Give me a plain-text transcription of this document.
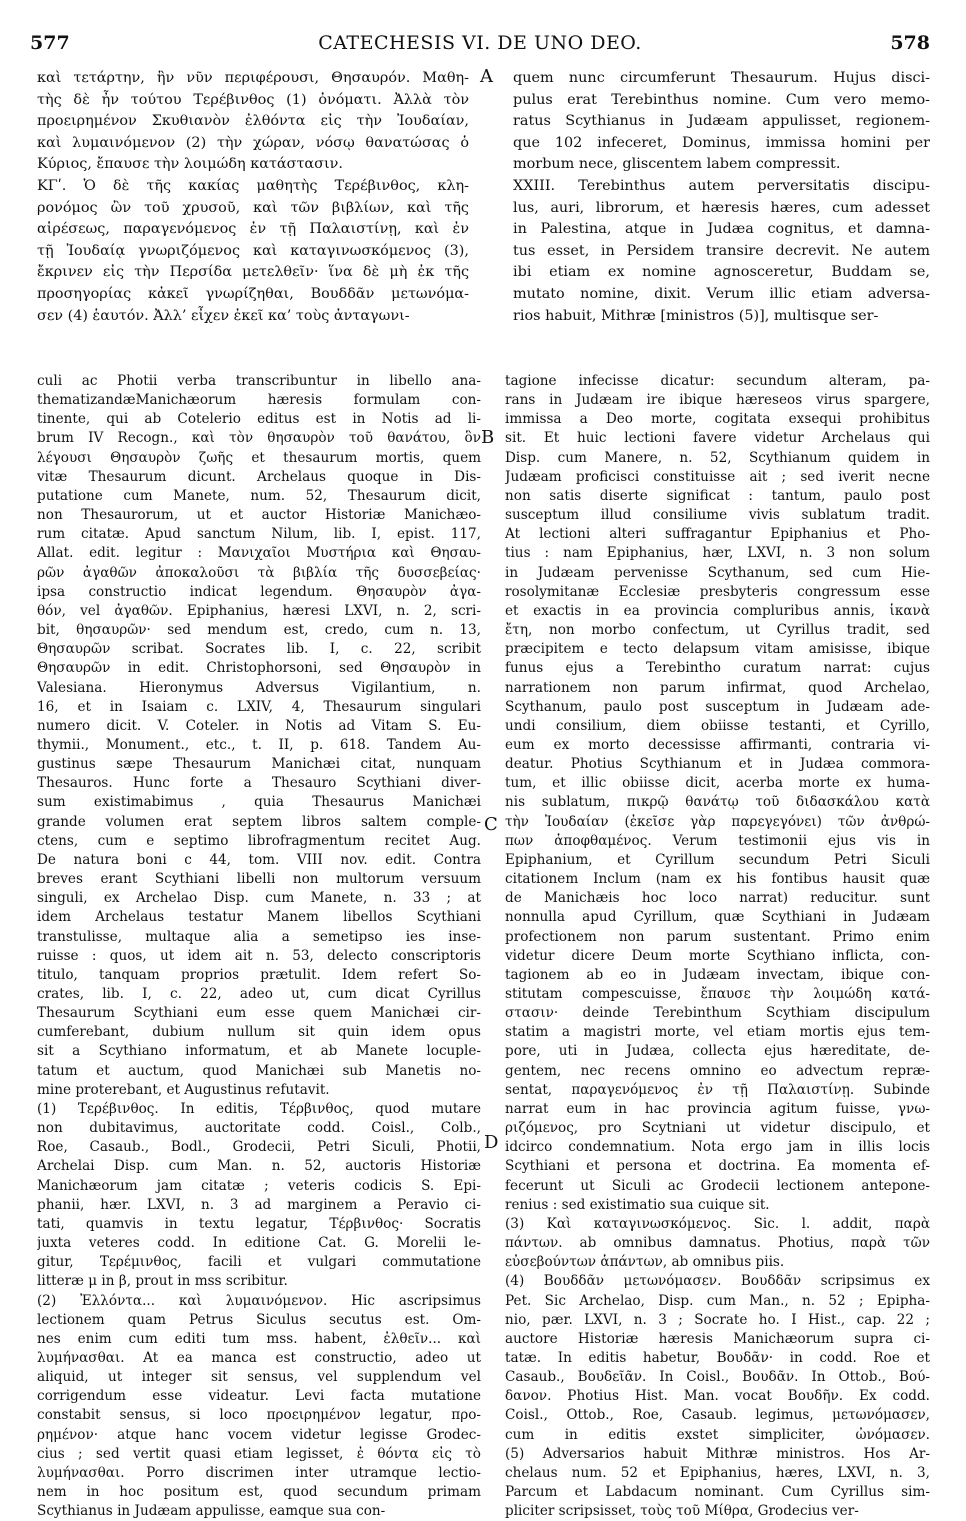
577	CATECHESIS VI. DE UNO DEO.	578
A
B
C
D
καὶ τετάρτην, ἣν νῦν περιφέρουσι, Θησαυρόν. Μαθη-
τὴς δὲ ἦν τούτου Τερέβινθος (1) ὀνόματι. Ἀλλὰ τὸν
προειρημένον Σκυθιανὸν ἐλθόντα εἰς τὴν Ἰουδαίαν,
καὶ λυμαινόμενον (2) τὴν χώραν, νόσῳ θανατώσας ὁ
Κύριος, ἔπαυσε τὴν λοιμώδη κατάστασιν.
ΚΓʹ. Ὁ δὲ τῆς κακίας μαθητὴς Τερέβινθος, κλη-
ρονόμος ὢν τοῦ χρυσοῦ, καὶ τῶν βιβλίων, καὶ τῆς
αἱρέσεως, παραγενόμενος ἐν τῇ Παλαιστίνῃ, καὶ ἐν
τῇ Ἰουδαίᾳ γνωριζόμενος καὶ καταγινωσκόμενος (3),
ἔκρινεν εἰς τὴν Περσίδα μετελθεῖν· ἵνα δὲ μὴ ἐκ τῆς
προσηγορίας κἀκεῖ γνωρίζηθαι, Βουδδᾶν μετωνόμα-
σεν (4) ἑαυτόν. Ἀλλ’ εἶχεν ἐκεῖ κα’ τοὺς ἀνταγωνι-
quem nunc circumferunt Thesaurum. Hujus disci-
pulus erat Terebinthus nomine. Cum vero memo-
ratus Scythianus in Judæam appulisset, regionem-
que 102 infeceret, Dominus, immissa homini per
morbum nece, gliscentem labem compressit.
XXIII. Terebinthus autem perversitatis discipu-
lus, auri, librorum, et hæresis hæres, cum adesset
in Palestina, atque in Judæa cognitus, et damna-
tus esset, in Persidem transire decrevit. Ne autem
ibi etiam ex nomine agnosceretur, Buddam se,
mutato nomine, dixit. Verum illic etiam adversa-
rios habuit, Mithræ [ministros (5)], multisque ser-
culi ac Photii verba transcribuntur in libello ana-
thematizandæManichæorum hæresis formulam con-
tinente, qui ab Cotelerio editus est in Notis ad li-
brum IV Recogn., καὶ τὸν θησαυρὸν τοῦ θανάτου, ὃν
λέγουσι Θησαυρὸν ζωῆς et thesaurum mortis, quem
vitæ Thesaurum dicunt. Archelaus quoque in Dis-
putatione cum Manete, num. 52, Thesaurum dicit,
non Thesaurorum, ut et auctor Historiæ Manichæo-
rum citatæ. Apud sanctum Nilum, lib. I, epist. 117,
Allat. edit. legitur : Μανιχαῖοι Μυστήρια καὶ Θησαυ-
ρῶν ἀγαθῶν ἀποκαλοῦσι τὰ βιβλία τῆς δυσσεβείας·
ipsa constructio indicat legendum. Θησαυρὸν ἀγα-
θόν, vel ἀγαθῶν. Epiphanius, hæresi LXVI, n. 2, scri-
bit, θησαυρῶν· sed mendum est, credo, cum n. 13,
Θησαυρῶν scribat. Socrates lib. I, c. 22, scribit
Θησαυρῶν in edit. Christophorsoni, sed Θησαυρὸν in
Valesiana. Hieronymus Adversus Vigilantium, n.
16, et in Isaiam c. LXIV, 4, Thesaurum singulari
numero dicit. V. Coteler. in Notis ad Vitam S. Eu-
thymii., Monument., etc., t. II, p. 618. Tandem Au-
gustinus sæpe Thesaurum Manichæi citat, nunquam
Thesauros. Hunc forte a Thesauro Scythiani diver-
sum existimabimus , quia Thesaurus Manichæi
grande volumen erat septem libros saltem comple-
ctens, cum e septimo librofragmentum recitet Aug.
De natura boni c 44, tom. VIII nov. edit. Contra
breves erant Scythiani libelli non multorum versuum
singuli, ex Archelao Disp. cum Manete, n. 33 ; at
idem Archelaus testatur Manem libellos Scythiani
transtulisse, multaque alia a semetipso ies inse-
ruisse : quos, ut idem ait n. 53, delecto conscriptoris
titulo, tanquam proprios prætulit. Idem refert So-
crates, lib. I, c. 22, adeo ut, cum dicat Cyrillus
Thesaurum Scythiani eum esse quem Manichæi cir-
cumferebant, dubium nullum sit quin idem opus
sit a Scythiano informatum, et ab Manete locuple-
tatum et auctum, quod Manichæi sub Manetis no-
mine proterebant, et Augustinus refutavit.
(1) Τερέβινθος. In editis, Τέρβινθος, quod mutare
non dubitavimus, auctoritate codd. Coisl., Colb.,
Roe, Casaub., Bodl., Grodecii, Petri Siculi, Photii,
Archelai Disp. cum Man. n. 52, auctoris Historiæ
Manichæorum jam citatæ ; veteris codicis S. Epi-
phanii, hær. LXVI, n. 3 ad marginem a Peravio ci-
tati, quamvis in textu legatur, Τέρβινθος· Socratis
juxta veteres codd. In editione Cat. G. Morelii le-
gitur, Τερέμινθος, facili et vulgari commutatione
litteræ μ in β, prout in mss scribitur.
(2) Ἐλλόντα... καὶ λυμαινόμενον. Hic ascripsimus
lectionem quam Petrus Siculus secutus est. Om-
nes enim cum editi tum mss. habent, ἐλθεῖν... καὶ
λυμήνασθαι. At ea manca est constructio, adeo ut
aliquid, ut integer sit sensus, vel supplendum vel
corrigendum esse videatur. Levi facta mutatione
constabit sensus, si loco προειρημένον legatur, προ-
ρημένον· atque hanc vocem videtur legisse Grodec-
cius ; sed vertit quasi etiam legisset, ἐ θόντα εἰς τὸ
λυμήνασθαι. Porro discrimen inter utramque lectio-
nem in hoc positum est, quod secundum primam
Scythianus in Judæam appulisse, eamque sua con-
tagione infecisse dicatur: secundum alteram, pa-
rans in Judæam ire ibique hæreseos virus spargere,
immissa a Deo morte, cogitata exsequi prohibitus
sit. Et huic lectioni favere videtur Archelaus qui
Disp. cum Manere, n. 52, Scythianum quidem in
Judæam proficisci constituisse ait ; sed iverit necne
non satis diserte significat : tantum, paulo post
susceptum illud consiliume vivis sublatum tradit.
At lectioni alteri suffragantur Epiphanius et Pho-
tius : nam Epiphanius, hær, LXVI, n. 3 non solum
in Judæam pervenisse Scythanum, sed cum Hie-
rosolymitanæ Ecclesiæ presbyteris congressum esse
et exactis in ea provincia compluribus annis, ἱκανὰ
ἔτη, non morbo confectum, ut Cyrillus tradit, sed
præcipitem e tecto delapsum vitam amisisse, ibique
funus ejus a Terebintho curatum narrat: cujus
narrationem non parum infirmat, quod Archelao,
Scythanum, paulo post susceptum in Judæam ade-
undi consilium, diem obiisse testanti, et Cyrillo,
eum ex morto decessisse affirmanti, contraria vi-
deatur. Photius Scythianum et in Judæa commora-
tum, et illic obiisse dicit, acerba morte ex huma-
nis sublatum, πικρῷ θανάτῳ τοῦ διδασκάλου κατὰ
τὴν Ἰουδαίαν (ἐκεῖσε γὰρ παρεγεγόνει) τῶν ἀνθρώ-
πων ἀποφθαμένος. Verum testimonii ejus vis in
Epiphanium, et Cyrillum secundum Petri Siculi
citationem Inclum (nam ex his fontibus hausit quæ
de Manichæis hoc loco narrat) reducitur. sunt
nonnulla apud Cyrillum, quæ Scythiani in Judæam
profectionem non parum sustentant. Primo enim
videtur dicere Deum morte Scythiano inflicta, con-
tagionem ab eo in Judæam invectam, ibique con-
stitutam compescuisse, ἔπαυσε τὴν λοιμώδη κατά-
στασιν· deinde Terebinthum Scythiam discipulum
statim a magistri morte, vel etiam mortis ejus tem-
pore, uti in Judæa, collecta ejus hæreditate, de-
gentem, nec recens omnino eo advectum repræ-
sentat, παραγενόμενος ἐν τῇ Παλαιστίνῃ. Subinde
narrat eum in hac provincia agitum fuisse, γνω-
ριζόμενος, pro Scytniani ut videtur discipulo, et
idcirco condemnatium. Nota ergo jam in illis locis
Scythiani et persona et doctrina. Ea momenta ef-
fecerunt ut Siculi ac Grodecii lectionem antepone-
renius : sed existimatio sua cuique sit.
(3) Καὶ καταγινωσκόμενος. Sic. l. addit, παρὰ
πάντων. ab omnibus damnatus. Photius, παρὰ τῶν
εὐσεβούντων ἁπάντων, ab omnibus piis.
(4) Βουδδᾶν μετωνόμασεν. Βουδδᾶν scripsimus ex
Pet. Sic Archelao, Disp. cum Man., n. 52 ; Epipha-
nio, pær. LXVI, n. 3 ; Socrate ho. I Hist., cap. 22 ;
auctore Historiæ hæresis Manichæorum supra ci-
tatæ. In editis habetur, Βουδᾶν· in codd. Roe et
Casaub., Βουδεῖᾶν. In Coisl., Βουδᾶν. In Ottob., Βού-
δανον. Photius Hist. Man. vocat Βουδῆν. Ex codd.
Coisl., Ottob., Roe, Casaub. legimus, μετωνόμασεν,
cum in editis exstet simpliciter, ὠνόμασεν.
(5) Adversarios habuit Mithræ ministros. Hos Ar-
chelaus num. 52 et Epiphanius, hæres, LXVI, n. 3,
Parcum et Labdacum nominant. Cum Cyrillus sim-
pliciter scripsisset, τοὺς τοῦ Μίθρα, Grodecius ver-
